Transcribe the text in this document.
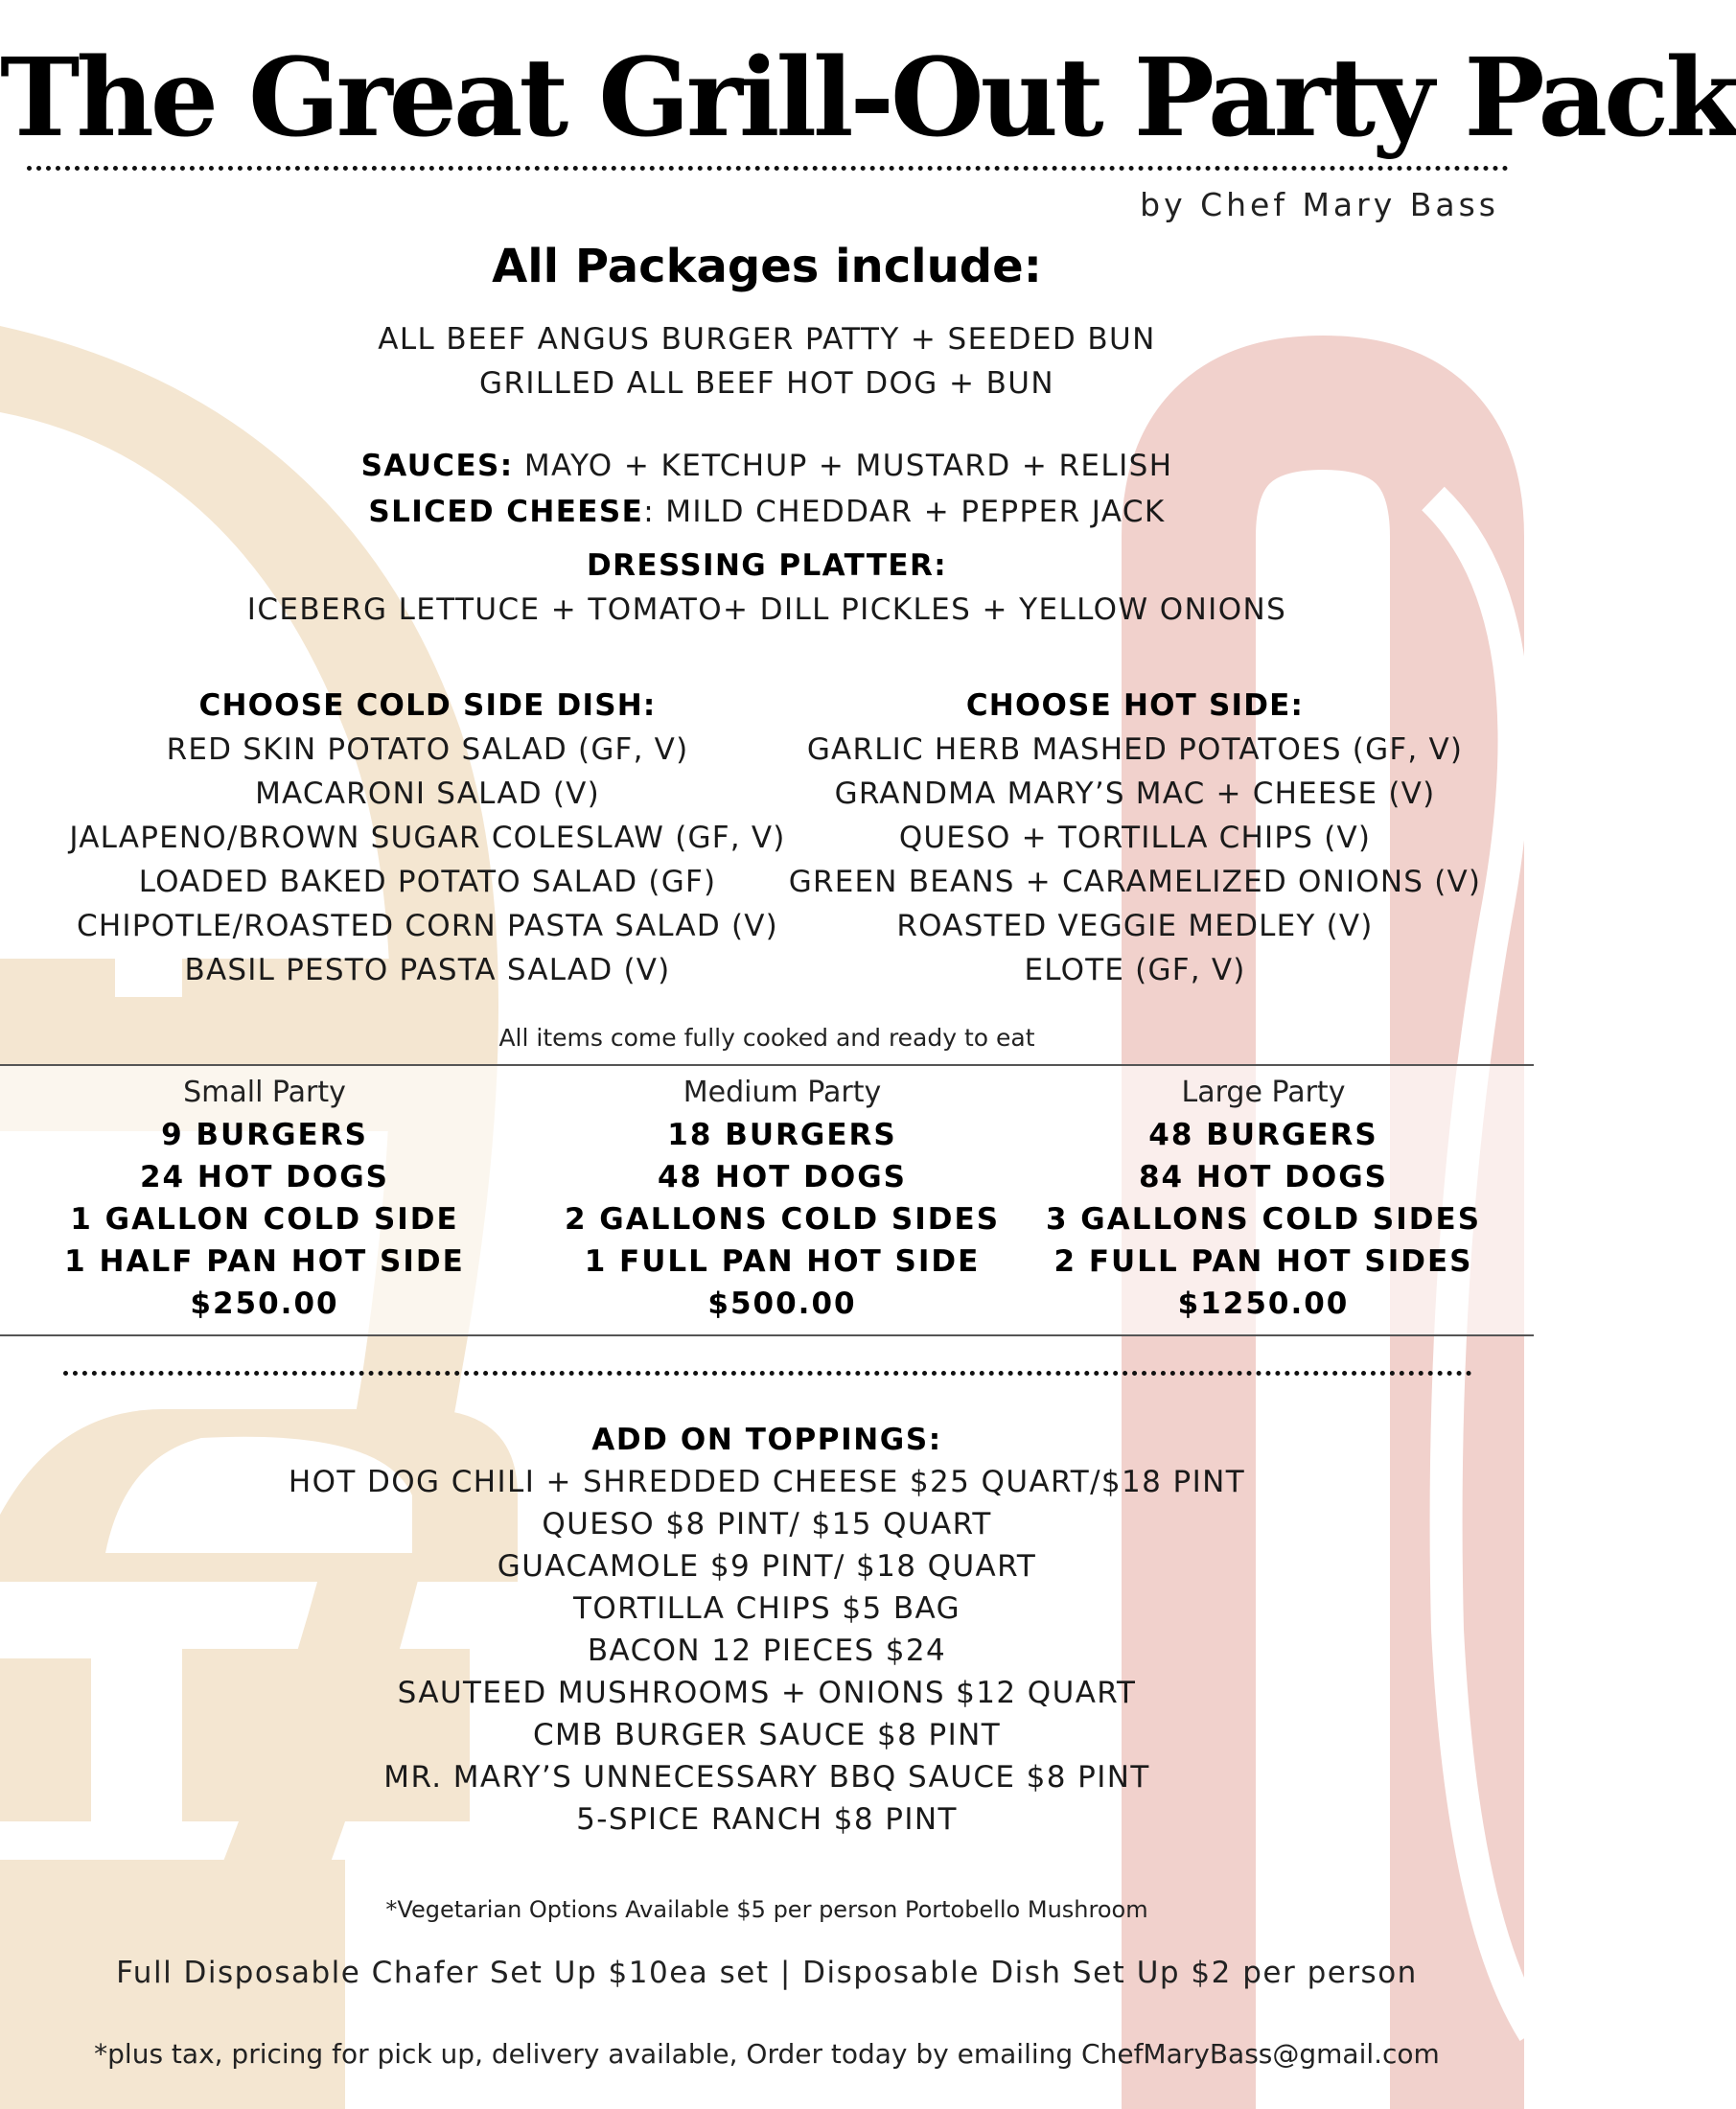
The Great Grill-Out Party Pack
by Chef Mary Bass
All Packages include:
ALL BEEF ANGUS BURGER PATTY + SEEDED BUN
GRILLED ALL BEEF HOT DOG + BUN
SAUCES: MAYO + KETCHUP + MUSTARD + RELISH
SLICED CHEESE: MILD CHEDDAR + PEPPER JACK
DRESSING PLATTER:
ICEBERG LETTUCE + TOMATO+ DILL PICKLES + YELLOW ONIONS
CHOOSE COLD SIDE DISH:
RED SKIN POTATO SALAD (GF, V)
MACARONI SALAD (V)
JALAPENO/BROWN SUGAR COLESLAW (GF, V)
LOADED BAKED POTATO SALAD (GF)
CHIPOTLE/ROASTED CORN PASTA SALAD (V)
BASIL PESTO PASTA SALAD (V)
CHOOSE HOT SIDE:
GARLIC HERB MASHED POTATOES (GF, V)
GRANDMA MARY’S MAC + CHEESE (V)
QUESO + TORTILLA CHIPS (V)
GREEN BEANS + CARAMELIZED ONIONS (V)
ROASTED VEGGIE MEDLEY (V)
ELOTE (GF, V)
All items come fully cooked and ready to eat
Small Party
9 BURGERS
24 HOT DOGS
1 GALLON COLD SIDE
1 HALF PAN HOT SIDE
$250.00
Medium Party
18 BURGERS
48 HOT DOGS
2 GALLONS COLD SIDES
1 FULL PAN HOT SIDE
$500.00
Large Party
48 BURGERS
84 HOT DOGS
3 GALLONS COLD SIDES
2 FULL PAN HOT SIDES
$1250.00
ADD ON TOPPINGS:
HOT DOG CHILI + SHREDDED CHEESE $25 QUART/$18 PINT
QUESO $8 PINT/ $15 QUART
GUACAMOLE $9 PINT/ $18 QUART
TORTILLA CHIPS $5 BAG
BACON 12 PIECES $24
SAUTEED MUSHROOMS + ONIONS $12 QUART
CMB BURGER SAUCE $8 PINT
MR. MARY’S UNNECESSARY BBQ SAUCE $8 PINT
5-SPICE RANCH $8 PINT
*Vegetarian Options Available $5 per person Portobello Mushroom
Full Disposable Chafer Set Up $10ea set | Disposable Dish Set Up $2 per person
*plus tax, pricing for pick up, delivery available, Order today by emailing ChefMaryBass@gmail.com
